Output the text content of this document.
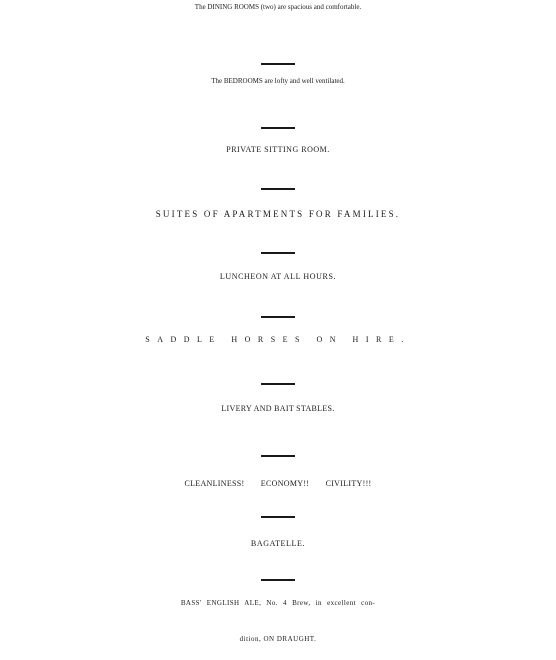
The DINING ROOMS (two) are spacious and comfortable.
The BEDROOMS are lofty and well ventilated.
PRIVATE SITTING ROOM.
SUITES OF APARTMENTS FOR FAMILIES.
LUNCHEON AT ALL HOURS.
SADDLE HORSES ON HIRE.
LIVERY AND BAIT STABLES.
CLEANLINESS! ECONOMY!! CIVILITY!!!
BAGATELLE.
BASS' ENGLISH ALE, No. 4 Brew, in excellent con-
dition, ON DRAUGHT.
